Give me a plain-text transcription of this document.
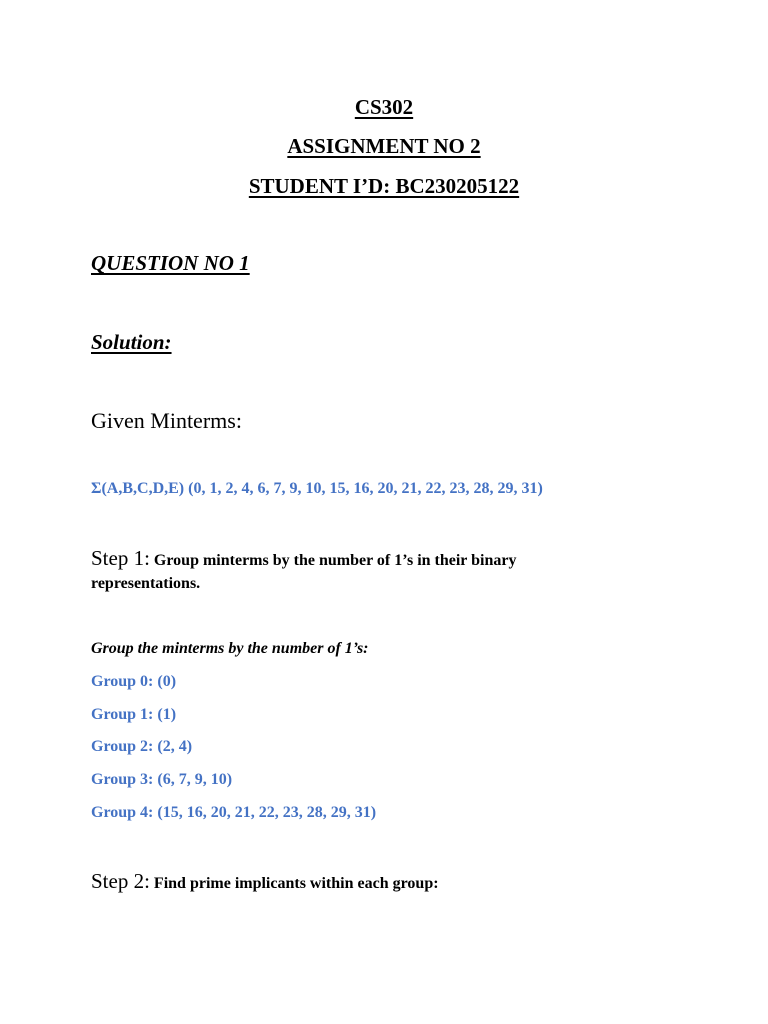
CS302
ASSIGNMENT NO 2
STUDENT I’D: BC230205122
QUESTION NO 1
Solution:
Given Minterms:
Σ(A,B,C,D,E) (0, 1, 2, 4, 6, 7, 9, 10, 15, 16, 20, 21, 22, 23, 28, 29, 31)
Step 1: Group minterms by the number of 1’s in their binary
representations.
Group the minterms by the number of 1’s:
Group 0: (0)
Group 1: (1)
Group 2: (2, 4)
Group 3: (6, 7, 9, 10)
Group 4: (15, 16, 20, 21, 22, 23, 28, 29, 31)
Step 2: Find prime implicants within each group:
